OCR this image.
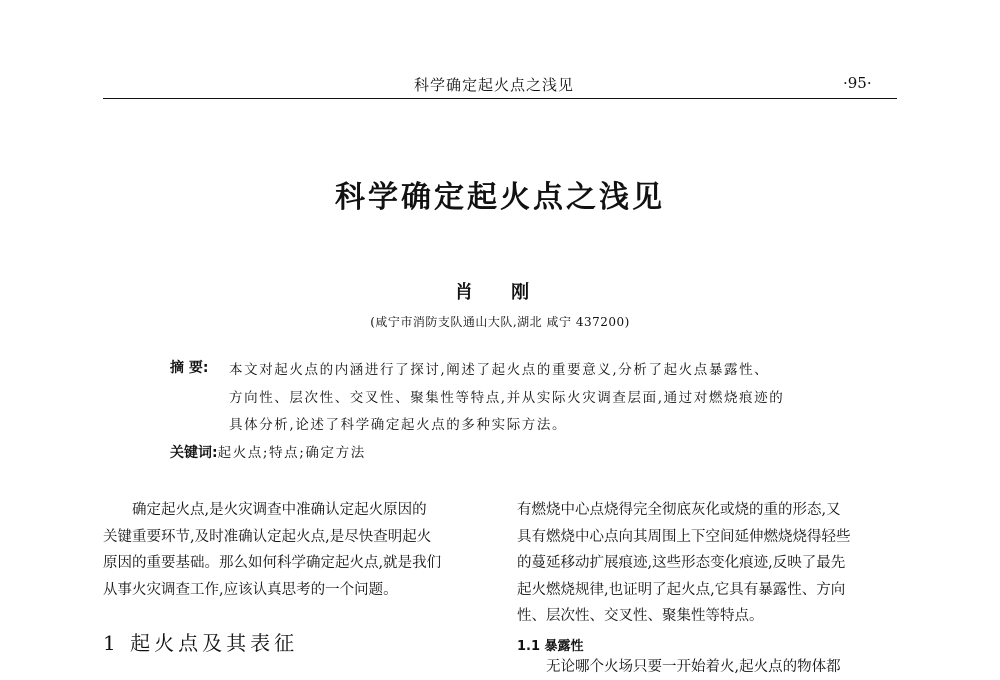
科学确定起火点之浅见	·95·
科学确定起火点之浅见
肖 刚
(咸宁市消防支队通山大队,湖北 咸宁 437200)
摘 要: 本文对起火点的内涵进行了探讨,阐述了起火点的重要意义,分析了起火点暴露性、
方向性、层次性、交叉性、聚集性等特点,并从实际火灾调查层面,通过对燃烧痕迹的
具体分析,论述了科学确定起火点的多种实际方法。
关键词:起火点;特点;确定方法
确定起火点,是火灾调查中准确认定起火原因的
关键重要环节,及时准确认定起火点,是尽快查明起火
原因的重要基础。那么如何科学确定起火点,就是我们
从事火灾调查工作,应该认真思考的一个问题。
1 起火点及其表征
有燃烧中心点烧得完全彻底灰化或烧的重的形态,又
具有燃烧中心点向其周围上下空间延伸燃烧烧得轻些
的蔓延移动扩展痕迹,这些形态变化痕迹,反映了最先
起火燃烧规律,也证明了起火点,它具有暴露性、方向
性、层次性、交叉性、聚集性等特点。
1.1 暴露性
无论哪个火场只要一开始着火,起火点的物体都
